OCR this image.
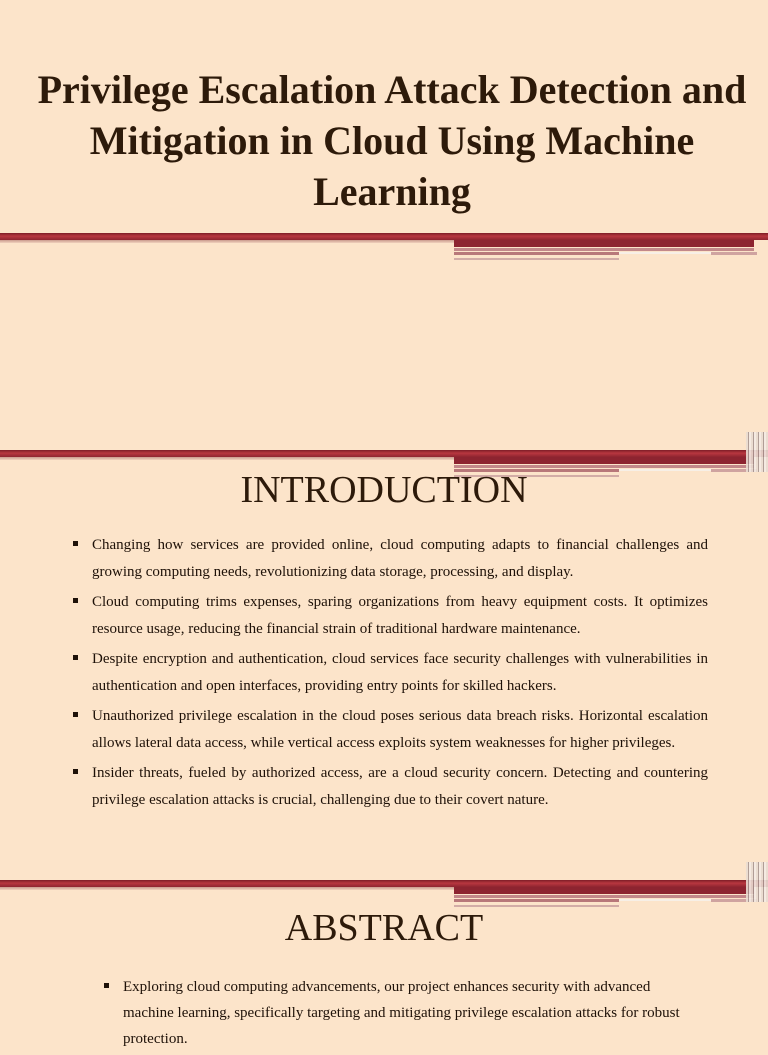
Privilege Escalation Attack Detection and Mitigation in Cloud Using Machine Learning
INTRODUCTION
Changing how services are provided online, cloud computing adapts to financial challenges and growing computing needs, revolutionizing data storage, processing, and display.
Cloud computing trims expenses, sparing organizations from heavy equipment costs. It optimizes resource usage, reducing the financial strain of traditional hardware maintenance.
Despite encryption and authentication, cloud services face security challenges with vulnerabilities in authentication and open interfaces, providing entry points for skilled hackers.
Unauthorized privilege escalation in the cloud poses serious data breach risks. Horizontal escalation allows lateral data access, while vertical access exploits system weaknesses for higher privileges.
Insider threats, fueled by authorized access, are a cloud security concern. Detecting and countering privilege escalation attacks is crucial, challenging due to their covert nature.
ABSTRACT
Exploring cloud computing advancements, our project enhances security with advanced machine learning, specifically targeting and mitigating privilege escalation attacks for robust protection.
